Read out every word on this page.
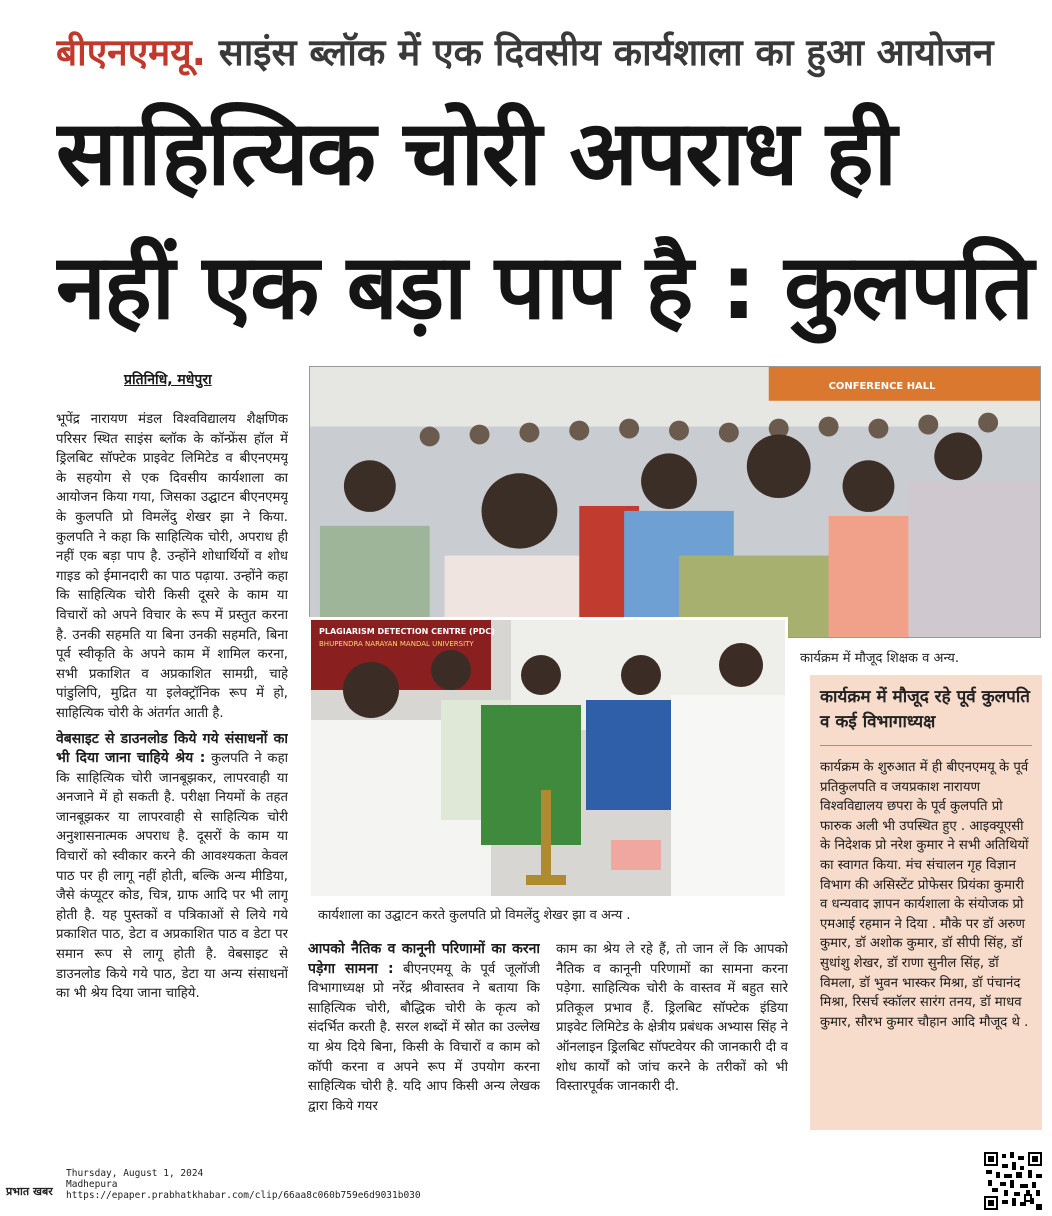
बीएनएमयू. साइंस ब्लॉक में एक दिवसीय कार्यशाला का हुआ आयोजन
साहित्यिक चोरी अपराध ही
नहीं एक बड़ा पाप है : कुलपति
प्रतिनिधि, मधेपुरा

भूपेंद्र नारायण मंडल विश्वविद्यालय शैक्षणिक परिसर स्थित साइंस ब्लॉक के कॉन्फ्रेंस हॉल में ड्रिलबिट सॉफ्टेक प्राइवेट लिमिटेड व बीएनएमयू के सहयोग से एक दिवसीय कार्यशाला का आयोजन किया गया, जिसका उद्घाटन बीएनएमयू के कुलपति प्रो विमलेंदु शेखर झा ने किया. कुलपति ने कहा कि साहित्यिक चोरी, अपराध ही नहीं एक बड़ा पाप है. उन्होंने शोधार्थियों व शोध गाइड को ईमानदारी का पाठ पढ़ाया. उन्होंने कहा कि साहित्यिक चोरी किसी दूसरे के काम या विचारों को अपने विचार के रूप में प्रस्तुत करना है. उनकी सहमति या बिना उनकी सहमति, बिना पूर्व स्वीकृति के अपने काम में शामिल करना, सभी प्रकाशित व अप्रकाशित सामग्री, चाहे पांडुलिपि, मुद्रित या इलेक्ट्रॉनिक रूप में हो, साहित्यिक चोरी के अंतर्गत आती है.

वेबसाइट से डाउनलोड किये गये संसाधनों का भी दिया जाना चाहिये श्रेय : कुलपति ने कहा कि साहित्यिक चोरी जानबूझकर, लापरवाही या अनजाने में हो सकती है. परीक्षा नियमों के तहत जानबूझकर या लापरवाही से साहित्यिक चोरी अनुशासनात्मक अपराध है. दूसरों के काम या विचारों को स्वीकार करने की आवश्यकता केवल पाठ पर ही लागू नहीं होती, बल्कि अन्य मीडिया, जैसे कंप्यूटर कोड, चित्र, ग्राफ आदि पर भी लागू होती है. यह पुस्तकों व पत्रिकाओं से लिये गये प्रकाशित पाठ, डेटा व अप्रकाशित पाठ व डेटा पर समान रूप से लागू होती है. वेबसाइट से डाउनलोड किये गये पाठ, डेटा या अन्य संसाधनों का भी श्रेय दिया जाना चाहिये.

आपको नैतिक व कानूनी परिणामों का करना पड़ेगा सामना : बीएनएमयू के पूर्व जूलॉजी विभागाध्यक्ष प्रो नरेंद्र श्रीवास्तव ने बताया कि साहित्यिक चोरी, बौद्धिक चोरी के कृत्य को संदर्भित करती है. सरल शब्दों में स्रोत का उल्लेख या श्रेय दिये बिना, किसी के विचारों व काम को कॉपी करना व अपने रूप में उपयोग करना साहित्यिक चोरी है. यदि आप किसी अन्य लेखक द्वारा किये गयर

काम का श्रेय ले रहे हैं, तो जान लें कि आपको नैतिक व कानूनी परिणामों का सामना करना पड़ेगा. साहित्यिक चोरी के वास्तव में बहुत सारे प्रतिकूल प्रभाव हैं. ड्रिलबिट सॉफ्टेक इंडिया प्राइवेट लिमिटेड के क्षेत्रीय प्रबंधक अभ्यास सिंह ने ऑनलाइन ड्रिलबिट सॉफ्टवेयर की जानकारी दी व शोध कार्यों को जांच करने के तरीकों को भी विस्तारपूर्वक जानकारी दी.

CONFERENCE HALL
कार्यक्रम में मौजूद शिक्षक व अन्य.
PLAGIARISM DETECTION CENTRE (PDC)
BHUPENDRA NARAYAN MANDAL UNIVERSITY
कार्यशाला का उद्घाटन करते कुलपति प्रो विमलेंदु शेखर झा व अन्य .
कार्यक्रम में मौजूद रहे पूर्व कुलपति व कई विभागाध्यक्ष

कार्यक्रम के शुरुआत में ही बीएनएमयू के पूर्व प्रतिकुलपति व जयप्रकाश नारायण विश्वविद्यालय छपरा के पूर्व कुलपति प्रो फारुक अली भी उपस्थित हुए . आइक्यूएसी के निदेशक प्रो नरेश कुमार ने सभी अतिथियों का स्वागत किया. मंच संचालन गृह विज्ञान विभाग की असिस्टेंट प्रोफेसर प्रियंका कुमारी व धन्यवाद ज्ञापन कार्यशाला के संयोजक प्रो एमआई रहमान ने दिया . मौके पर डॉ अरुण कुमार, डॉ अशोक कुमार, डॉ सीपी सिंह, डॉ सुधांशु शेखर, डॉ राणा सुनील सिंह, डॉ विमला, डॉ भुवन भास्कर मिश्रा, डॉ पंचानंद मिश्रा, रिसर्च स्कॉलर सारंग तनय, डॉ माधव कुमार, सौरभ कुमार चौहान आदि मौजूद थे .

प्रभात खबर
Thursday, August 1, 2024
Madhepura
https://epaper.prabhatkhabar.com/clip/66aa8c060b759e6d9031b030
